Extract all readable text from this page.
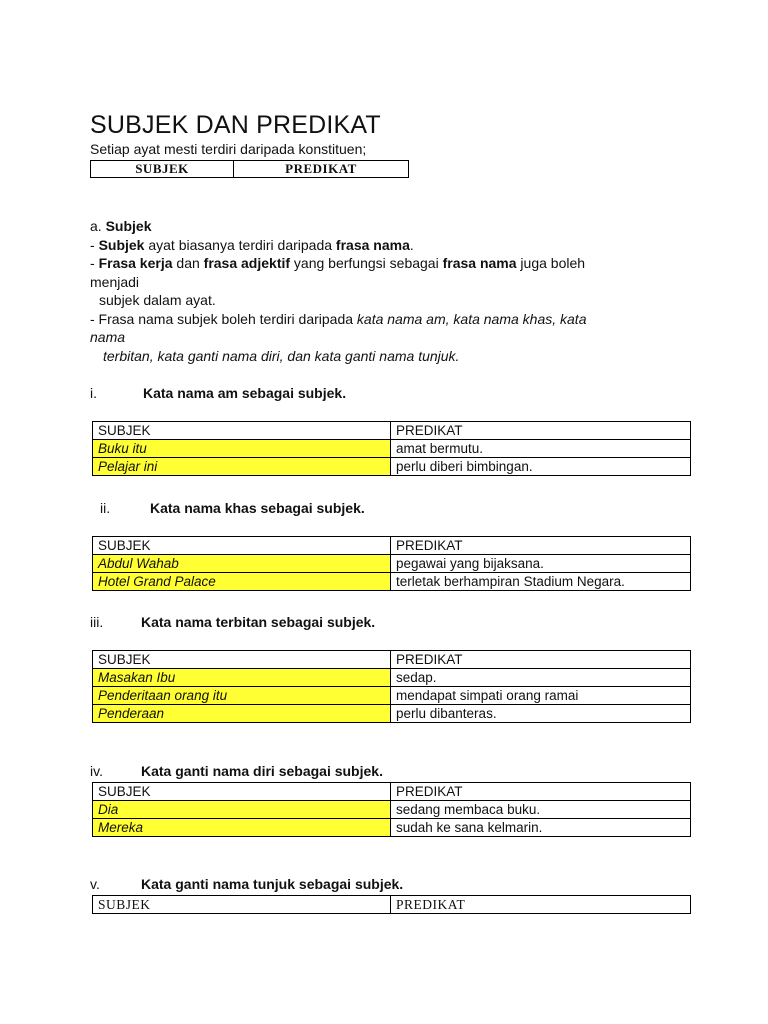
SUBJEK DAN PREDIKAT
Setiap ayat mesti terdiri daripada konstituen;
SUBJEK	PREDIKAT

a. Subjek

- Subjek ayat biasanya terdiri daripada frasa nama.

- Frasa kerja dan frasa adjektif yang berfungsi sebagai frasa nama juga boleh

menjadi

subjek dalam ayat.

- Frasa nama subjek boleh terdiri daripada kata nama am, kata nama khas, kata

nama

terbitan, kata ganti nama diri, dan kata ganti nama tunjuk.

i.	Kata nama am sebagai subjek.
SUBJEK	PREDIKAT
Buku itu	amat bermutu.
Pelajar ini	perlu diberi bimbingan.
ii.	Kata nama khas sebagai subjek.
SUBJEK	PREDIKAT
Abdul Wahab	pegawai yang bijaksana.
Hotel Grand Palace	terletak berhampiran Stadium Negara.
iii.	Kata nama terbitan sebagai subjek.
SUBJEK	PREDIKAT
Masakan Ibu	sedap.
Penderitaan orang itu	mendapat simpati orang ramai
Penderaan	perlu dibanteras.
iv.	Kata ganti nama diri sebagai subjek.
SUBJEK	PREDIKAT
Dia	sedang membaca buku.
Mereka	sudah ke sana kelmarin.
v.	Kata ganti nama tunjuk sebagai subjek.
SUBJEK	PREDIKAT
